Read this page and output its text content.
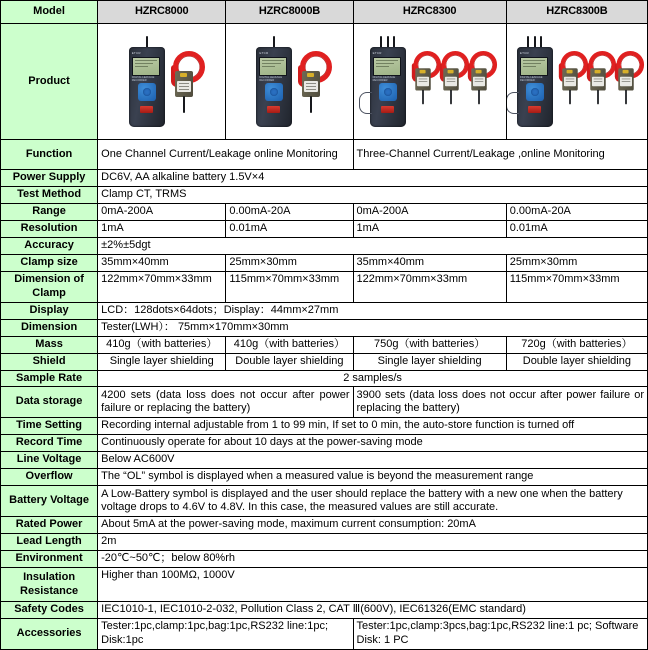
Model	HZRC8000	HZRC8000B	HZRC8300	HZRC8300B
Product	
ETCR
DIGITAL LEAKAGE RECORDER

ETCR
DIGITAL LEAKAGE RECORDER

ETCR
DIGITAL LEAKAGE RECORDER

ETCR
DIGITAL LEAKAGE RECORDER

Function	One Channel Current/Leakage online Monitoring		Three-Channel Current/Leakage ,online Monitoring	
Power Supply	DC6V, AA alkaline battery 1.5V×4			
Test Method	Clamp CT, TRMS			
Range	0mA-200A	0.00mA-20A	0mA-200A	0.00mA-20A
Resolution	1mA	0.01mA	1mA	0.01mA
Accuracy	±2%±5dgt			
Clamp size	35mm×40mm	25mm×30mm	35mm×40mm	25mm×30mm
Dimension of Clamp	122mm×70mm×33mm	115mm×70mm×33mm	122mm×70mm×33mm	115mm×70mm×33mm
Display	LCD：128dots×64dots；Display：44mm×27mm			
Dimension	Tester(LWH）： 75mm×170mm×30mm			
Mass	410g（with batteries）	410g（with batteries）	750g（with batteries）	720g（with batteries）
Shield	Single layer shielding	Double layer shielding	Single layer shielding	Double layer shielding
Sample Rate	2 samples/s			
Data storage	4200 sets (data loss does not occur after power failure or replacing the battery)		3900 sets (data loss does not occur after power failure or replacing the battery)	
Time Setting	Recording internal adjustable from 1 to 99 min, If set to 0 min, the auto-store function is turned off			
Record Time	Continuously operate for about 10 days at the power-saving mode			
Line Voltage	Below AC600V			
Overflow	The “OL” symbol is displayed when a measured value is beyond the measurement range			
Battery Voltage	A Low-Battery symbol is displayed and the user should replace the battery with a new one when the battery voltage drops to 4.6V to 4.8V. In this case, the measured values are still accurate.			
Rated Power	About 5mA at the power-saving mode, maximum current consumption: 20mA			
Lead Length	2m			
Environment	-20℃~50℃；below 80%rh			
Insulation Resistance	Higher than 100MΩ, 1000V			
Safety Codes	IEC1010-1, IEC1010-2-032, Pollution Class 2, CAT Ⅲ(600V), IEC61326(EMC standard)			
Accessories	Tester:1pc,clamp:1pc,bag:1pc,RS232 line:1pc; Disk:1pc		Tester:1pc,clamp:3pcs,bag:1pc,RS232 line:1 pc; Software Disk: 1 PC	
